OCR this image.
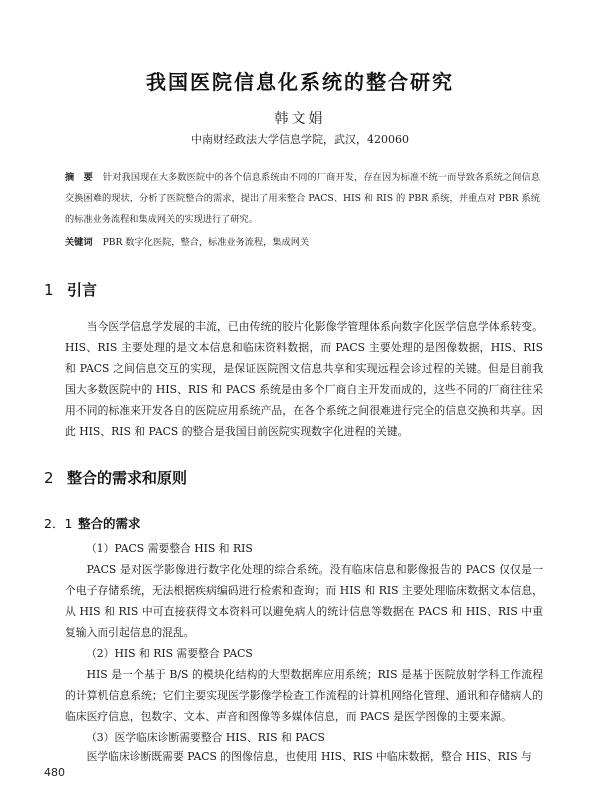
我国医院信息化系统的整合研究
韩文娟
中南财经政法大学信息学院，武汉，420060
摘　要 针对我国现在大多数医院中的各个信息系统由不同的厂商开发，存在因为标准不统一而导致各系统之间信息交换困难的现状，分析了医院整合的需求，提出了用来整合 PACS、HIS 和 RIS 的 PBR 系统，并重点对 PBR 系统的标准业务流程和集成网关的实现进行了研究。
关键词 PBR 数字化医院，整合，标准业务流程，集成网关
1 引言

当今医学信息学发展的丰流，已由传统的胶片化影像学管理体系向数字化医学信息学体系转变。HIS、RIS 主要处理的是文本信息和临床资料数据，而 PACS 主要处理的是图像数据，HIS、RIS 和 PACS 之间信息交互的实现，是保证医院图文信息共享和实现远程会诊过程的关键。但是目前我国大多数医院中的 HIS、RIS 和 PACS 系统是由多个厂商自主开发而成的，这些不同的厂商往往采用不同的标准来开发各自的医院应用系统产品，在各个系统之间很难进行完全的信息交换和共享。因此 HIS、RIS 和 PACS 的整合是我国目前医院实现数字化进程的关键。

2 整合的需求和原则
2．1 整合的需求
（1）PACS 需要整合 HIS 和 RIS

PACS 是对医学影像进行数字化处理的综合系统。没有临床信息和影像报告的 PACS 仅仅是一个电子存储系统，无法根据疾病编码进行检索和查询；而 HIS 和 RIS 主要处理临床数据文本信息，从 HIS 和 RIS 中可直接获得文本资料可以避免病人的统计信息等数据在 PACS 和 HIS、RIS 中重复输入而引起信息的混乱。

（2）HIS 和 RIS 需要整合 PACS

HIS 是一个基于 B/S 的模块化结构的大型数据库应用系统；RIS 是基于医院放射学科工作流程的计算机信息系统；它们主要实现医学影像学检查工作流程的计算机网络化管理、通讯和存储病人的临床医疗信息，包数字、文本、声音和图像等多媒体信息，而 PACS 是医学图像的主要来源。

（3）医学临床诊断需要整合 HIS、RIS 和 PACS

医学临床诊断既需要 PACS 的图像信息，也使用 HIS、RIS 中临床数据，整合 HIS、RIS 与

480
